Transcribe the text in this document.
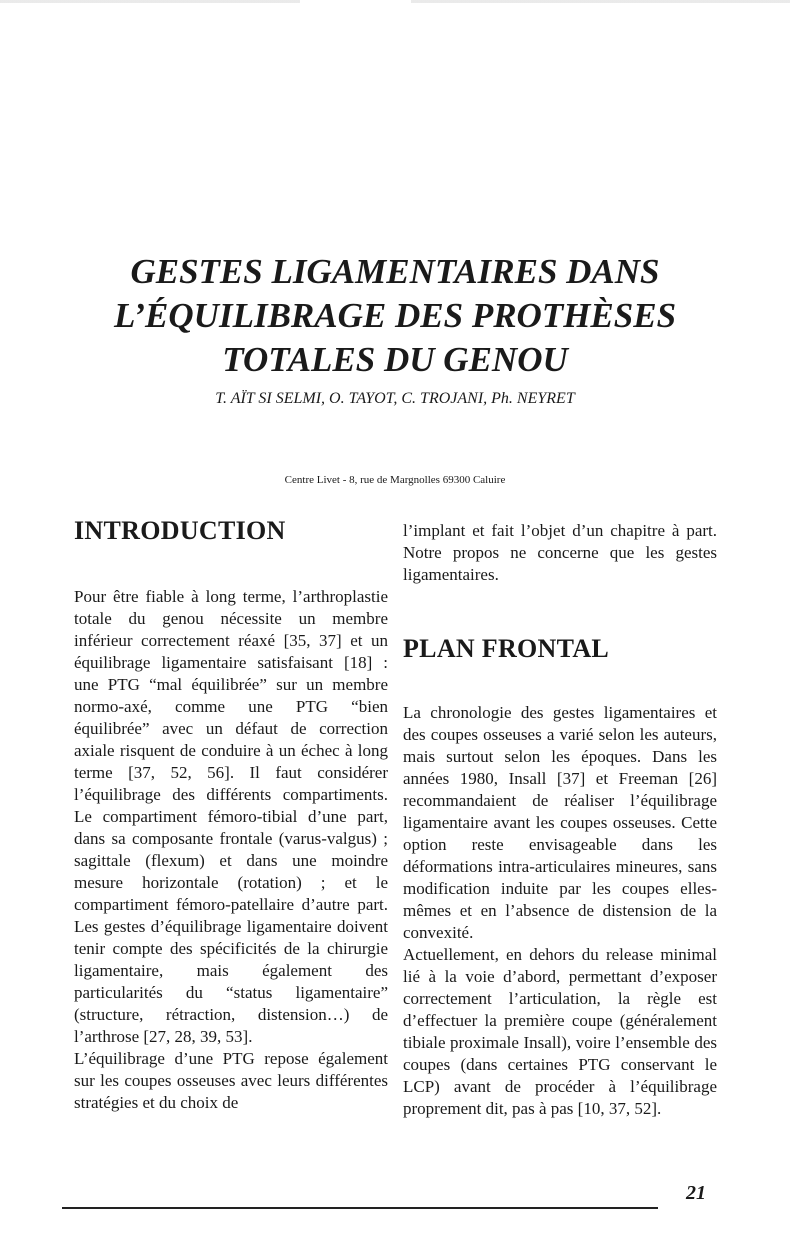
GESTES LIGAMENTAIRES DANS
L’ÉQUILIBRAGE DES PROTHÈSES
TOTALES DU GENOU
T. AÏT SI SELMI, O. TAYOT, C. TROJANI, Ph. NEYRET
Centre Livet - 8, rue de Margnolles 69300 Caluire
INTRODUCTION

Pour être fiable à long terme, l’arthroplastie totale du genou nécessite un membre inférieur correctement réaxé [35, 37] et un équilibrage ligamentaire satisfaisant [18] : une PTG “mal équilibrée” sur un membre normo-axé, comme une PTG “bien équilibrée” avec un défaut de correction axiale risquent de conduire à un échec à long terme [37, 52, 56]. Il faut considérer l’équilibrage des différents compartiments. Le compartiment fémoro-tibial d’une part, dans sa composante frontale (varus-valgus) ; sagittale (flexum) et dans une moindre mesure horizontale (rotation) ; et le compartiment fémoro-patellaire d’autre part. Les gestes d’équilibrage ligamentaire doivent tenir compte des spécificités de la chirurgie ligamentaire, mais également des particularités du “status ligamentaire” (structure, rétraction, distension…) de l’arthrose [27, 28, 39, 53].

L’équilibrage d’une PTG repose également sur les coupes osseuses avec leurs différentes stratégies et du choix de

l’implant et fait l’objet d’un chapitre à part. Notre propos ne concerne que les gestes ligamentaires.

PLAN FRONTAL

La chronologie des gestes ligamentaires et des coupes osseuses a varié selon les auteurs, mais surtout selon les époques. Dans les années 1980, Insall [37] et Freeman [26] recommandaient de réaliser l’équilibrage ligamentaire avant les coupes osseuses. Cette option reste envisageable dans les déformations intra-articulaires mineures, sans modification induite par les coupes elles-mêmes et en l’absence de distension de la convexité.

Actuellement, en dehors du release minimal lié à la voie d’abord, permettant d’exposer correctement l’articulation, la règle est d’effectuer la première coupe (généralement tibiale proximale Insall), voire l’ensemble des coupes (dans certaines PTG conservant le LCP) avant de procéder à l’équilibrage proprement dit, pas à pas [10, 37, 52].

21
